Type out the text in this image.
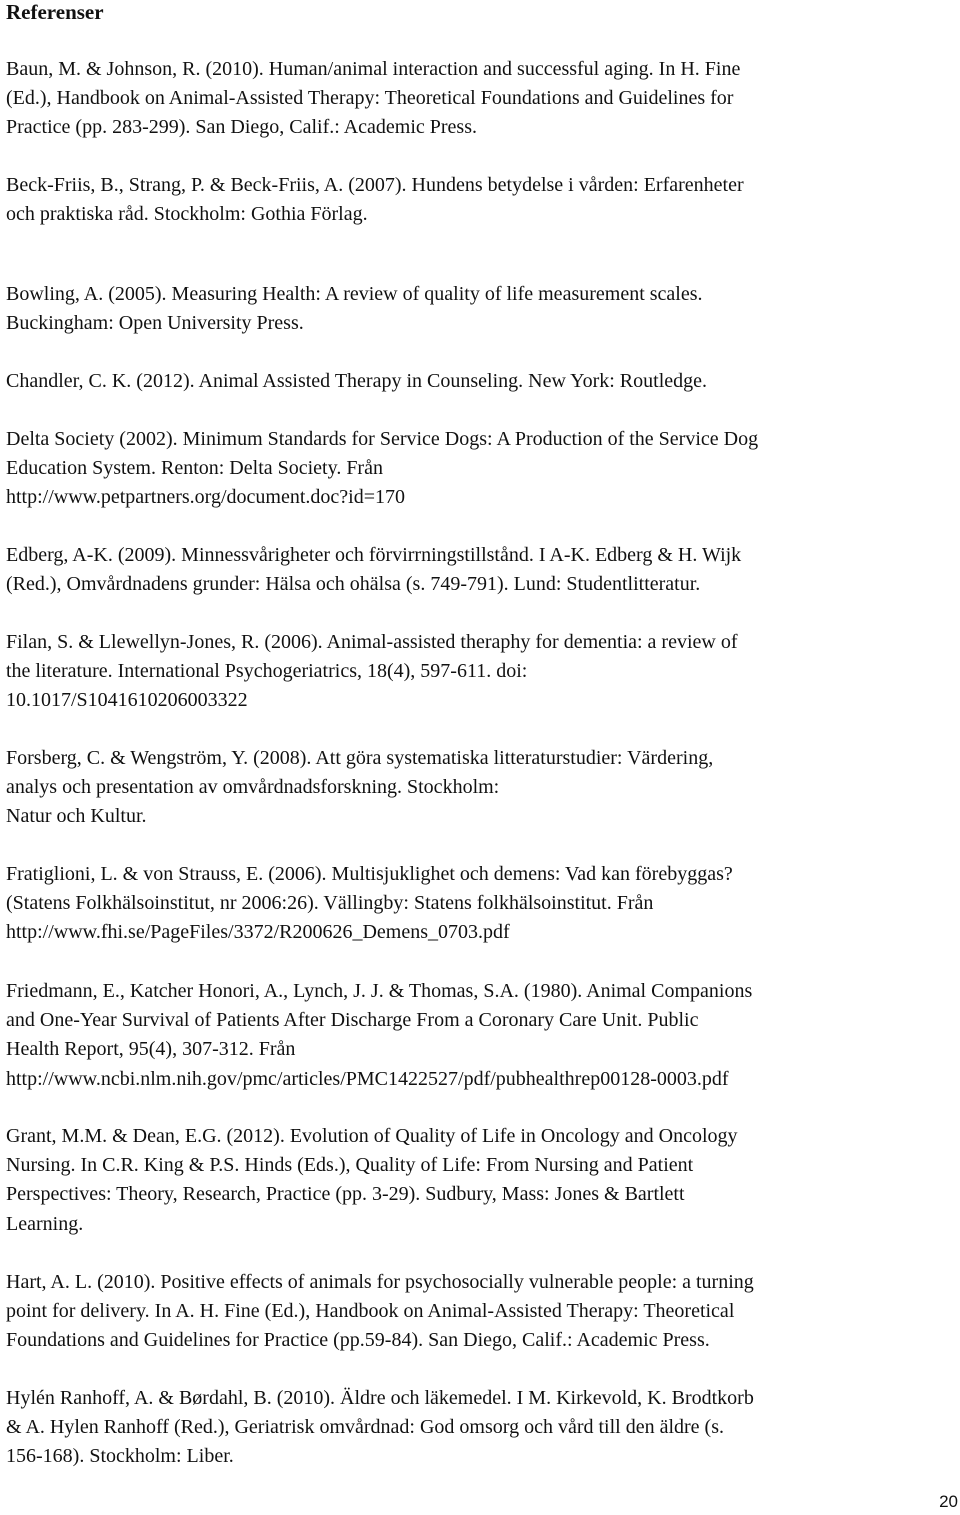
Referenser
Baun, M. & Johnson, R. (2010). Human/animal interaction and successful aging. In H. Fine
(Ed.), Handbook on Animal-Assisted Therapy: Theoretical Foundations and Guidelines for
Practice (pp. 283-299). San Diego, Calif.: Academic Press.
Beck-Friis, B., Strang, P. & Beck-Friis, A. (2007). Hundens betydelse i vården: Erfarenheter
och praktiska råd. Stockholm: Gothia Förlag.
Bowling, A. (2005). Measuring Health: A review of quality of life measurement scales.
Buckingham: Open University Press.
Chandler, C. K. (2012). Animal Assisted Therapy in Counseling. New York: Routledge.
Delta Society (2002). Minimum Standards for Service Dogs: A Production of the Service Dog
Education System. Renton: Delta Society. Från
http://www.petpartners.org/document.doc?id=170
Edberg, A-K. (2009). Minnessvårigheter och förvirrningstillstånd. I A-K. Edberg & H. Wijk
(Red.), Omvårdnadens grunder: Hälsa och ohälsa (s. 749-791). Lund: Studentlitteratur.
Filan, S. & Llewellyn-Jones, R. (2006). Animal-assisted theraphy for dementia: a review of
the literature. International Psychogeriatrics, 18(4), 597-611. doi:
10.1017/S1041610206003322
Forsberg, C. & Wengström, Y. (2008). Att göra systematiska litteraturstudier: Värdering,
analys och presentation av omvårdnadsforskning. Stockholm:
Natur och Kultur.
Fratiglioni, L. & von Strauss, E. (2006). Multisjuklighet och demens: Vad kan förebyggas?
(Statens Folkhälsoinstitut, nr 2006:26). Vällingby: Statens folkhälsoinstitut. Från
http://www.fhi.se/PageFiles/3372/R200626_Demens_0703.pdf
Friedmann, E., Katcher Honori, A., Lynch, J. J. & Thomas, S.A. (1980). Animal Companions
and One-Year Survival of Patients After Discharge From a Coronary Care Unit. Public
Health Report, 95(4), 307-312. Från
http://www.ncbi.nlm.nih.gov/pmc/articles/PMC1422527/pdf/pubhealthrep00128-0003.pdf
Grant, M.M. & Dean, E.G. (2012). Evolution of Quality of Life in Oncology and Oncology
Nursing. In C.R. King & P.S. Hinds (Eds.), Quality of Life: From Nursing and Patient
Perspectives: Theory, Research, Practice (pp. 3-29). Sudbury, Mass: Jones & Bartlett
Learning.
Hart, A. L. (2010). Positive effects of animals for psychosocially vulnerable people: a turning
point for delivery. In A. H. Fine (Ed.), Handbook on Animal-Assisted Therapy: Theoretical
Foundations and Guidelines for Practice (pp.59-84). San Diego, Calif.: Academic Press.
Hylén Ranhoff, A. & Børdahl, B. (2010). Äldre och läkemedel. I M. Kirkevold, K. Brodtkorb
& A. Hylen Ranhoff (Red.), Geriatrisk omvårdnad: God omsorg och vård till den äldre (s.
156-168). Stockholm: Liber.
20
